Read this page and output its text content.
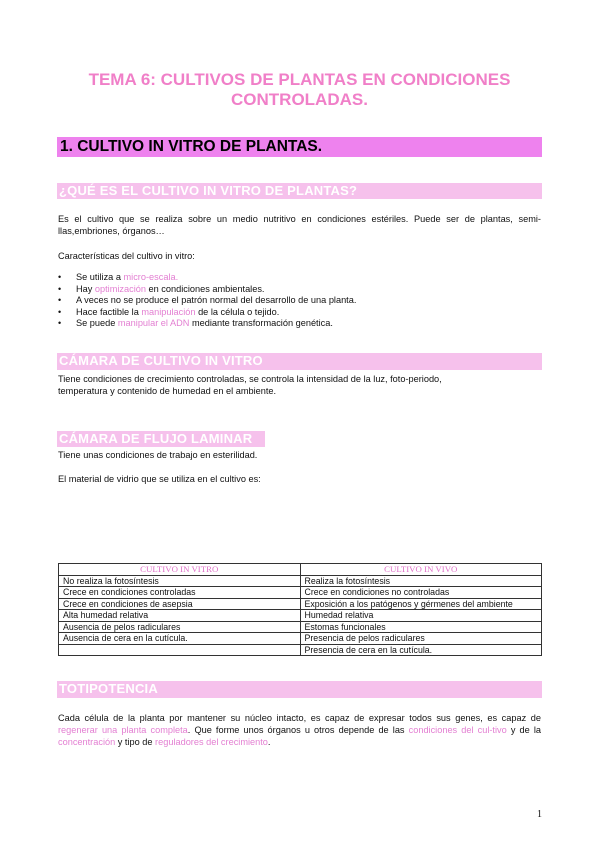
TEMA 6: CULTIVOS DE PLANTAS EN CONDICIONES
CONTROLADAS.
1. CULTIVO IN VITRO DE PLANTAS.
¿QUÉ ES EL CULTIVO IN VITRO DE PLANTAS?
Es el cultivo que se realiza sobre un medio nutritivo en condiciones estériles. Puede ser de plantas, semi-llas,embriones, órganos…
Características del cultivo in vitro:
• Se utiliza a micro-escala.
• Hay optimización en condiciones ambientales.
• A veces no se produce el patrón normal del desarrollo de una planta.
• Hace factible la manipulación de la célula o tejido.
• Se puede manipular el ADN mediante transformación genética.
CÁMARA DE CULTIVO IN VITRO
Tiene condiciones de crecimiento controladas, se controla la intensidad de la luz, foto-periodo, temperatura y contenido de humedad en el ambiente.
CÁMARA DE FLUJO LAMINAR
Tiene unas condiciones de trabajo en esterilidad.
El material de vidrio que se utiliza en el cultivo es:
CULTIVO IN VITRO	CULTIVO IN VIVO
No realiza la fotosíntesis	Realiza la fotosíntesis
Crece en condiciones controladas	Crece en condiciones no controladas
Crece en condiciones de asepsia	Exposición a los patógenos y gérmenes del ambiente
Alta humedad relativa	Humedad relativa
Ausencia de pelos radiculares	Estomas funcionales
Ausencia de cera en la cutícula.	Presencia de pelos radiculares
	Presencia de cera en la cutícula.
TOTIPOTENCIA
Cada célula de la planta por mantener su núcleo intacto, es capaz de expresar todos sus genes, es capaz de regenerar una planta completa. Que forme unos órganos u otros depende de las condiciones del cul-tivo y de la concentración y tipo de reguladores del crecimiento.
1
